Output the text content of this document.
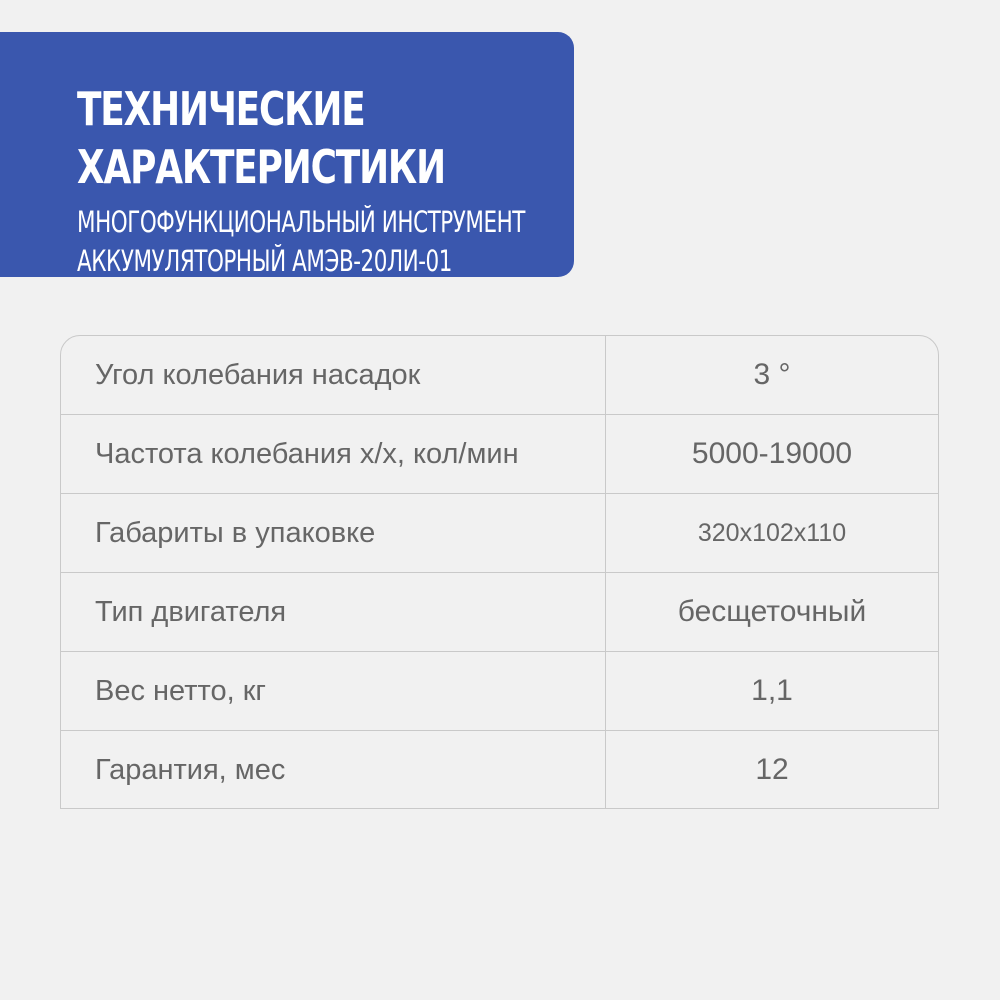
ТЕХНИЧЕСКИЕ
ХАРАКТЕРИСТИКИ
МНОГОФУНКЦИОНАЛЬНЫЙ ИНСТРУМЕНТ
АККУМУЛЯТОРНЫЙ АМЭВ-20ЛИ-01
Угол колебания насадок	3 °
Частота колебания х/х, кол/мин	5000-19000
Габариты в упаковке	320x102x110
Тип двигателя	бесщеточный
Вес нетто, кг	1,1
Гарантия, мес	12
